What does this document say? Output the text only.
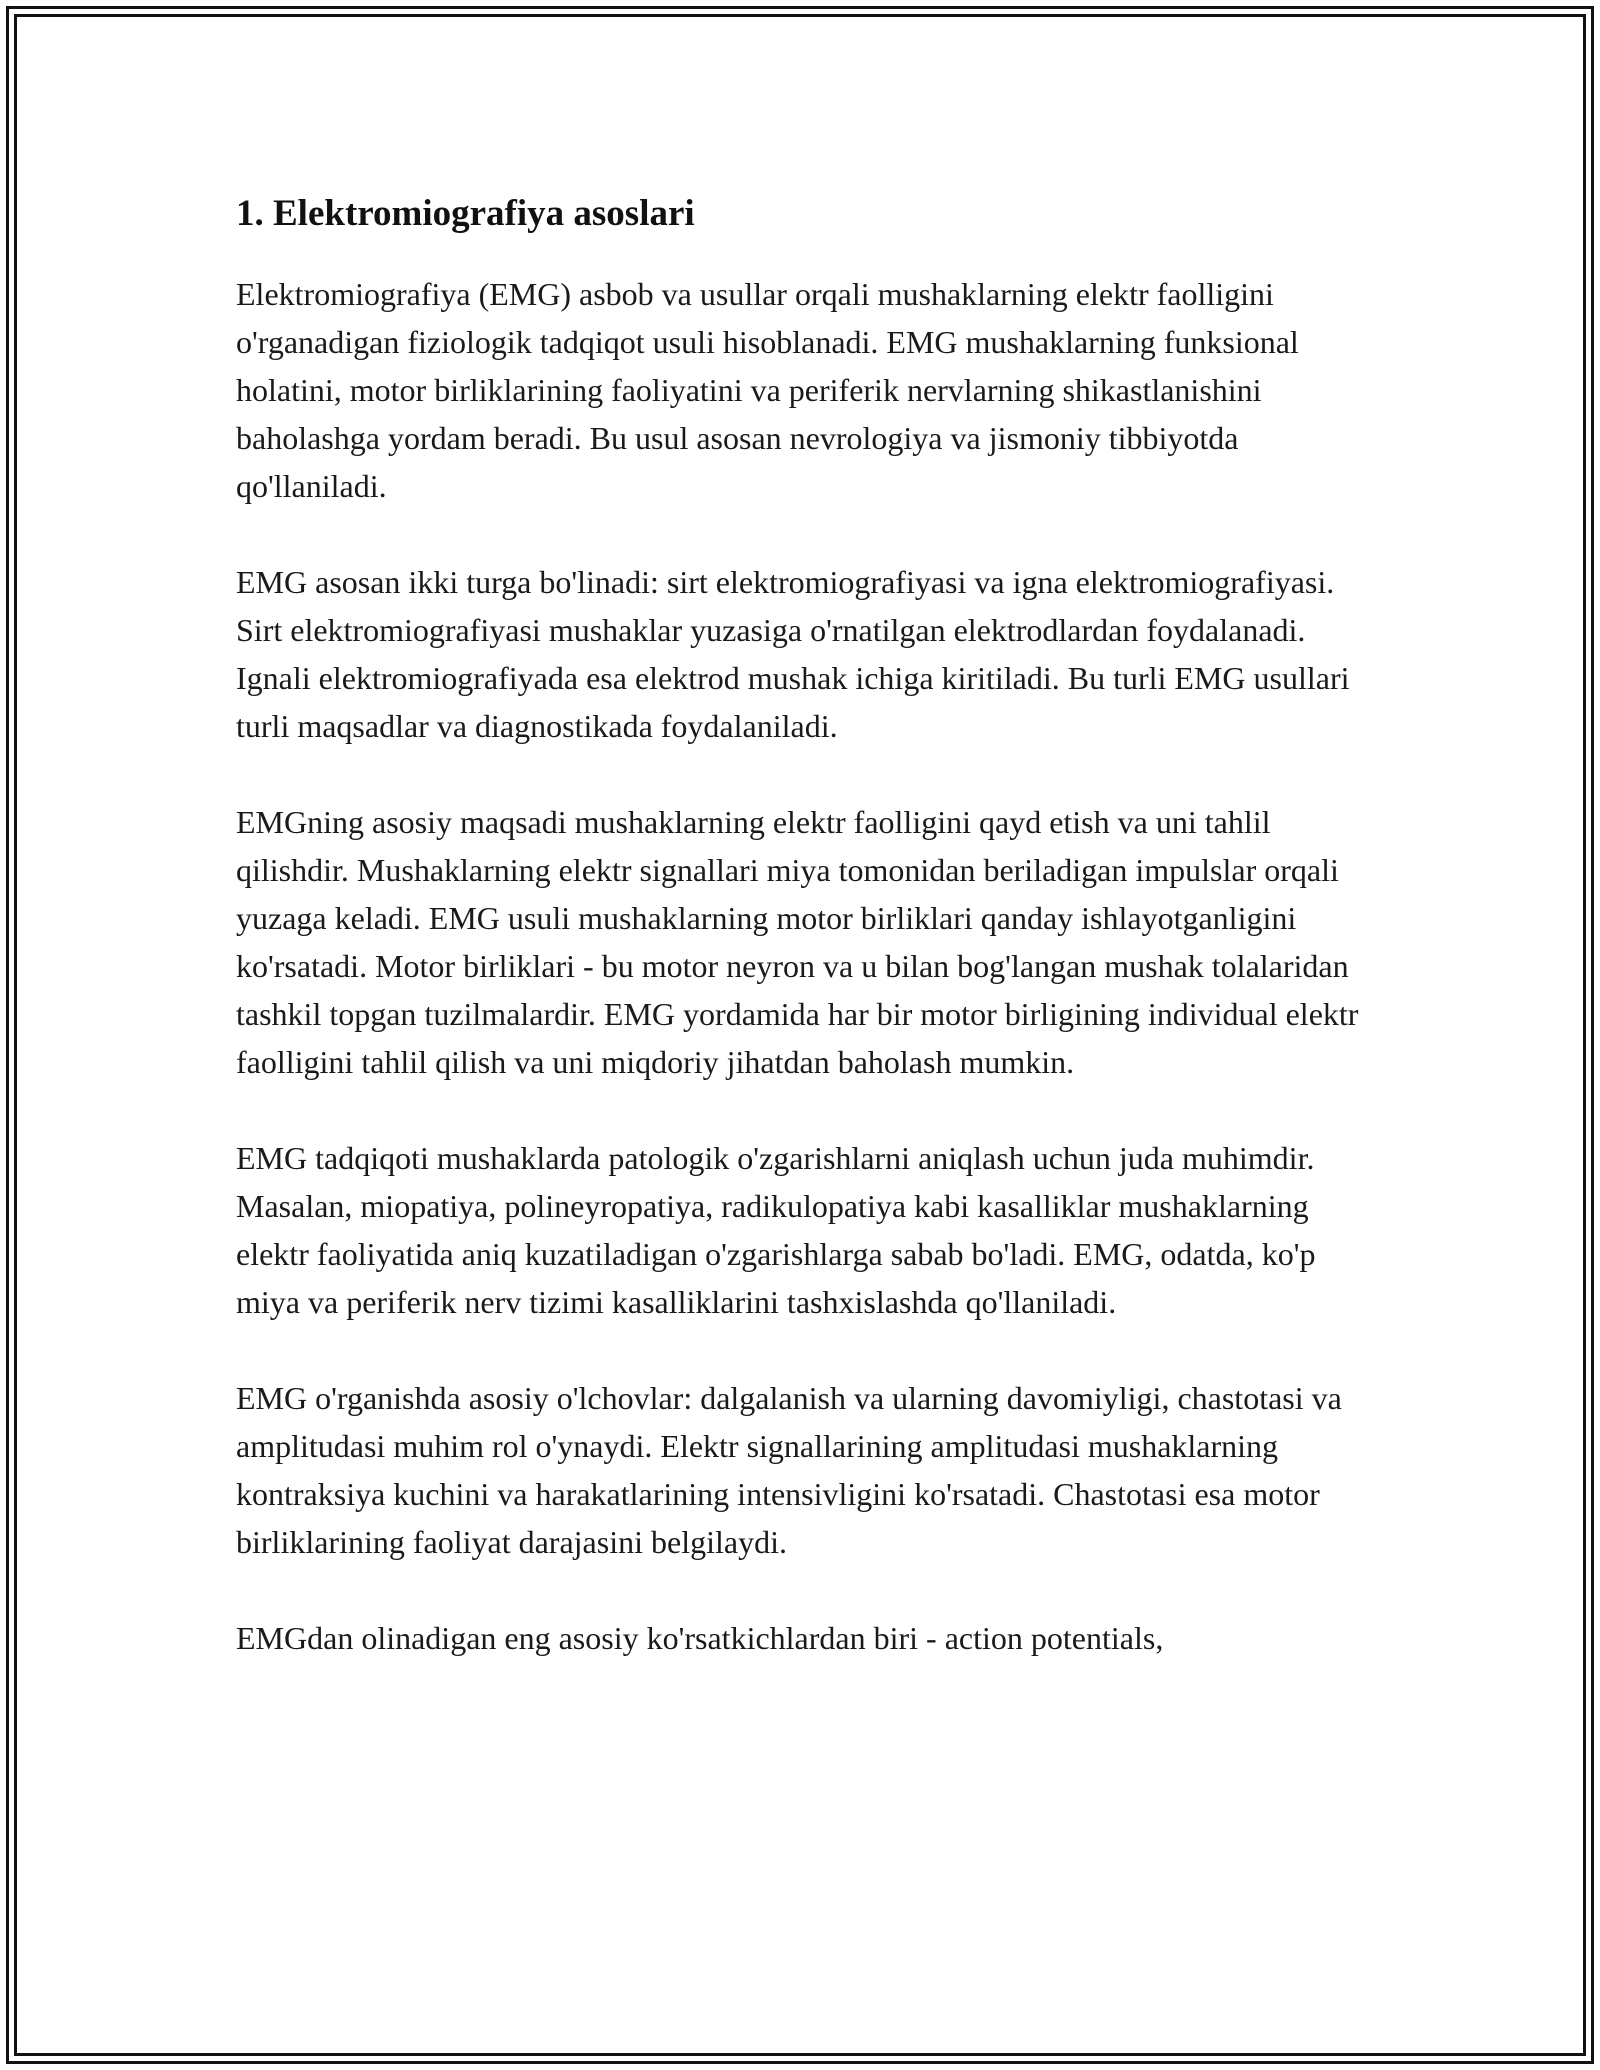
1. Elektromiografiya asoslari

Elektromiografiya (EMG) asbob va usullar orqali mushaklarning elektr faolligini o'rganadigan fiziologik tadqiqot usuli hisoblanadi. EMG mushaklarning funksional holatini, motor birliklarining faoliyatini va periferik nervlarning shikastlanishini baholashga yordam beradi. Bu usul asosan nevrologiya va jismoniy tibbiyotda qo'llaniladi.

EMG asosan ikki turga bo'linadi: sirt elektromiografiyasi va igna elektromiografiyasi. Sirt elektromiografiyasi mushaklar yuzasiga o'rnatilgan elektrodlardan foydalanadi. Ignali elektromiografiyada esa elektrod mushak ichiga kiritiladi. Bu turli EMG usullari turli maqsadlar va diagnostikada foydalaniladi.

EMGning asosiy maqsadi mushaklarning elektr faolligini qayd etish va uni tahlil qilishdir. Mushaklarning elektr signallari miya tomonidan beriladigan impulslar orqali yuzaga keladi. EMG usuli mushaklarning motor birliklari qanday ishlayotganligini ko'rsatadi. Motor birliklari - bu motor neyron va u bilan bog'langan mushak tolalaridan tashkil topgan tuzilmalardir. EMG yordamida har bir motor birligining individual elektr faolligini tahlil qilish va uni miqdoriy jihatdan baholash mumkin.

EMG tadqiqoti mushaklarda patologik o'zgarishlarni aniqlash uchun juda muhimdir. Masalan, miopatiya, polineyropatiya, radikulopatiya kabi kasalliklar mushaklarning elektr faoliyatida aniq kuzatiladigan o'zgarishlarga sabab bo'ladi. EMG, odatda, ko'p miya va periferik nerv tizimi kasalliklarini tashxislashda qo'llaniladi.

EMG o'rganishda asosiy o'lchovlar: dalgalanish va ularning davomiyligi, chastotasi va amplitudasi muhim rol o'ynaydi. Elektr signallarining amplitudasi mushaklarning kontraksiya kuchini va harakatlarining intensivligini ko'rsatadi. Chastotasi esa motor birliklarining faoliyat darajasini belgilaydi.

EMGdan olinadigan eng asosiy ko'rsatkichlardan biri - action potentials,
